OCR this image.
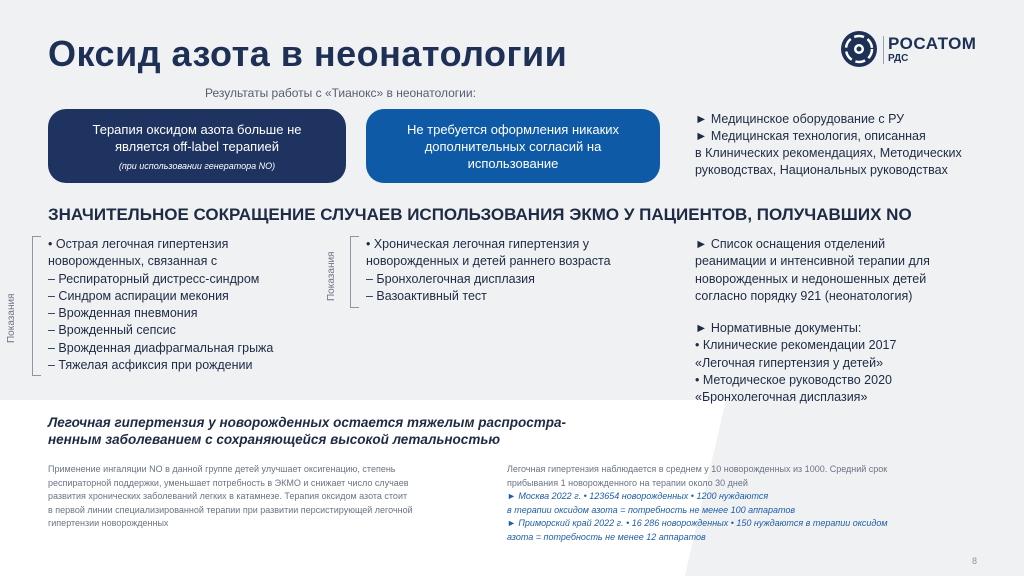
Оксид азота в неонатологии	РОСАТОМ
РДС
Результаты работы с «Тианокс» в неонатологии:
Терапия оксидом азота больше не
является off-label терапией
(при использовании генератора NO)
Не требуется оформления никаких
дополнительных согласий на
использование
► Медицинское оборудование с РУ
► Медицинская технология, описанная
в Клинических рекомендациях, Методических
руководствах, Национальных руководствах
ЗНАЧИТЕЛЬНОЕ СОКРАЩЕНИЕ СЛУЧАЕВ ИСПОЛЬЗОВАНИЯ ЭКМО У ПАЦИЕНТОВ, ПОЛУЧАВШИХ NO
Показания
• Острая легочная гипертензия
новорожденных, связанная с
– Респираторный дистресс-синдром
– Синдром аспирации мекония
– Врожденная пневмония
– Врожденный сепсис
– Врожденная диафрагмальная грыжа
– Тяжелая асфиксия при рождении
Показания
• Хроническая легочная гипертензия у
новорожденных и детей раннего возраста
– Бронхолегочная дисплазия
– Вазоактивный тест
► Список оснащения отделений
реанимации и интенсивной терапии для
новорожденных и недоношенных детей
согласно порядку 921 (неонатология)
► Нормативные документы:
• Клинические рекомендации 2017
«Легочная гипертензия у детей»
• Методическое руководство 2020
«Бронхолегочная дисплазия»
Легочная гипертензия у новорожденных остается тяжелым распростра-
ненным заболеванием с сохраняющейся высокой летальностью
Применение ингаляции NO в данной группе детей улучшает оксигенацию, степень
респираторной поддержки, уменьшает потребность в ЭКМО и снижает число случаев
развития хронических заболеваний легких в катамнезе. Терапия оксидом азота стоит
в первой линии специализированной терапии при развитии персистирующей легочной
гипертензии новорожденных
Легочная гипертензия наблюдается в среднем у 10 новорожденных из 1000. Средний срок
прибывания 1 новорожденного на терапии около 30 дней
► Москва 2022 г. • 123654 новорожденных • 1200 нуждаются
в терапии оксидом азота = потребность не менее 100 аппаратов
► Приморский край 2022 г. • 16 286 новорожденных • 150 нуждаются в терапии оксидом
азота = потребность не менее 12 аппаратов
8
